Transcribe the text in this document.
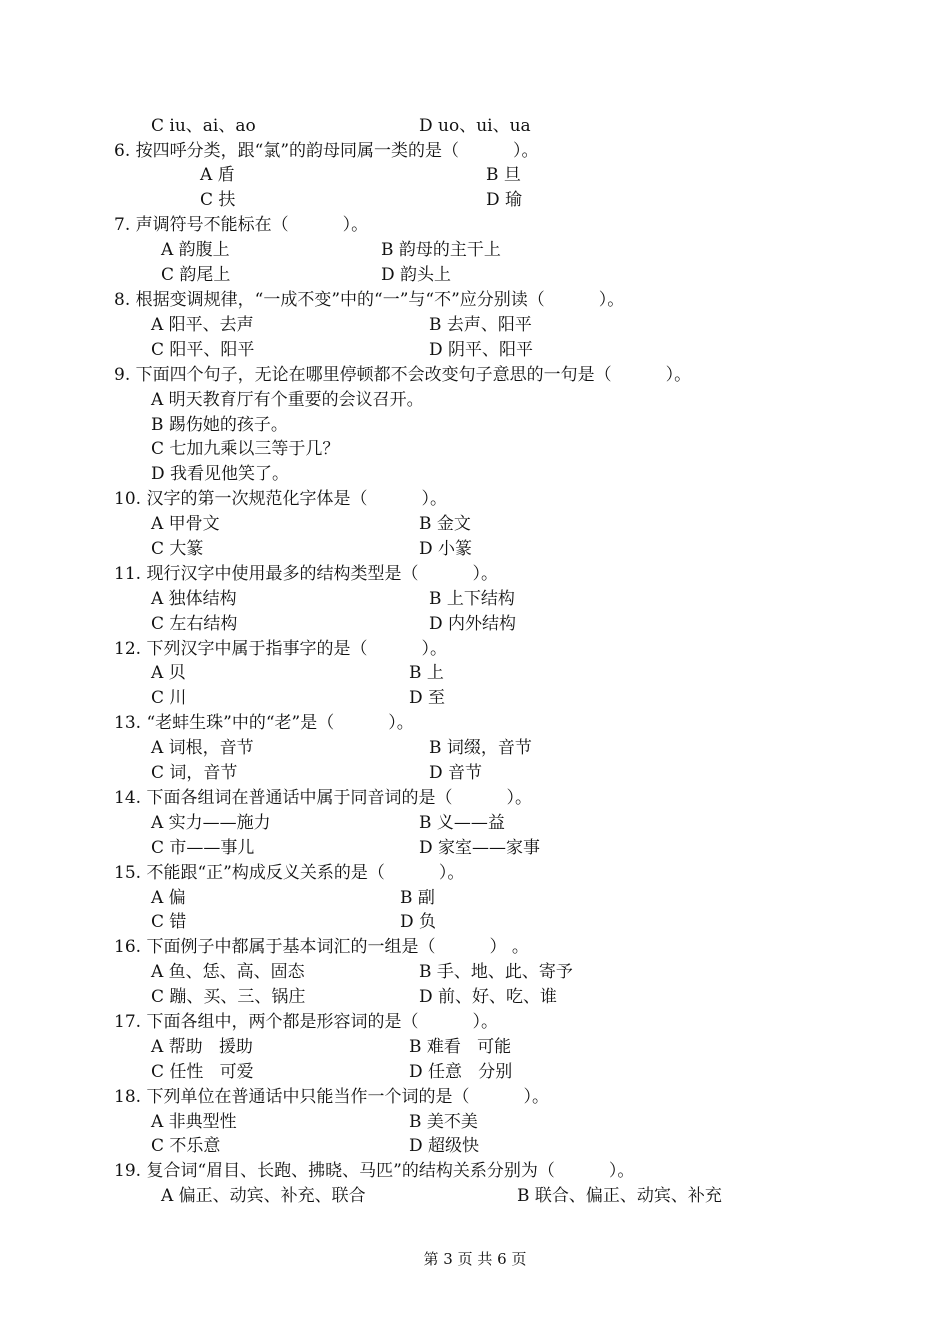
C iu、ai、ao	D uo、ui、ua
6. 按四呼分类，跟“氯”的韵母同属一类的是（          ）。
A 盾	B 旦
C 扶	D 瑜
7. 声调符号不能标在（          ）。
A 韵腹上	B 韵母的主干上
C 韵尾上	D 韵头上
8. 根据变调规律，“一成不变”中的“一”与“不”应分别读（          ）。
A 阳平、去声	B 去声、阳平
C 阳平、阳平	D 阴平、阳平
9. 下面四个句子，无论在哪里停顿都不会改变句子意思的一句是（          ）。
A 明天教育厅有个重要的会议召开。
B 踢伤她的孩子。
C 七加九乘以三等于几？
D 我看见他笑了。
10. 汉字的第一次规范化字体是（          ）。
A 甲骨文	B 金文
C 大篆	D 小篆
11. 现行汉字中使用最多的结构类型是（          ）。
A 独体结构	B 上下结构
C 左右结构	D 内外结构
12. 下列汉字中属于指事字的是（          ）。
A 贝	B 上
C 川	D 至
13. “老蚌生珠”中的“老”是（          ）。
A 词根，音节	B 词缀，音节
C 词，音节	D 音节
14. 下面各组词在普通话中属于同音词的是（          ）。
A 实力——施力	B 义——益
C 市——事儿	D 家室——家事
15. 不能跟“正”构成反义关系的是（          ）。
A 偏	B 副
C 错	D 负
16. 下面例子中都属于基本词汇的一组是（          ） 。
A 鱼、恁、高、固态	B 手、地、此、寄予
C 蹦、买、三、锅庄	D 前、好、吃、谁
17. 下面各组中，两个都是形容词的是（          ）。
A 帮助   援助	B 难看   可能
C 任性   可爱	D 任意   分别
18. 下列单位在普通话中只能当作一个词的是（          ）。
A 非典型性	B 美不美
C 不乐意	D 超级快
19. 复合词“眉目、长跑、拂晓、马匹”的结构关系分别为（          ）。
A 偏正、动宾、补充、联合	B 联合、偏正、动宾、补充
第 3 页 共 6 页
